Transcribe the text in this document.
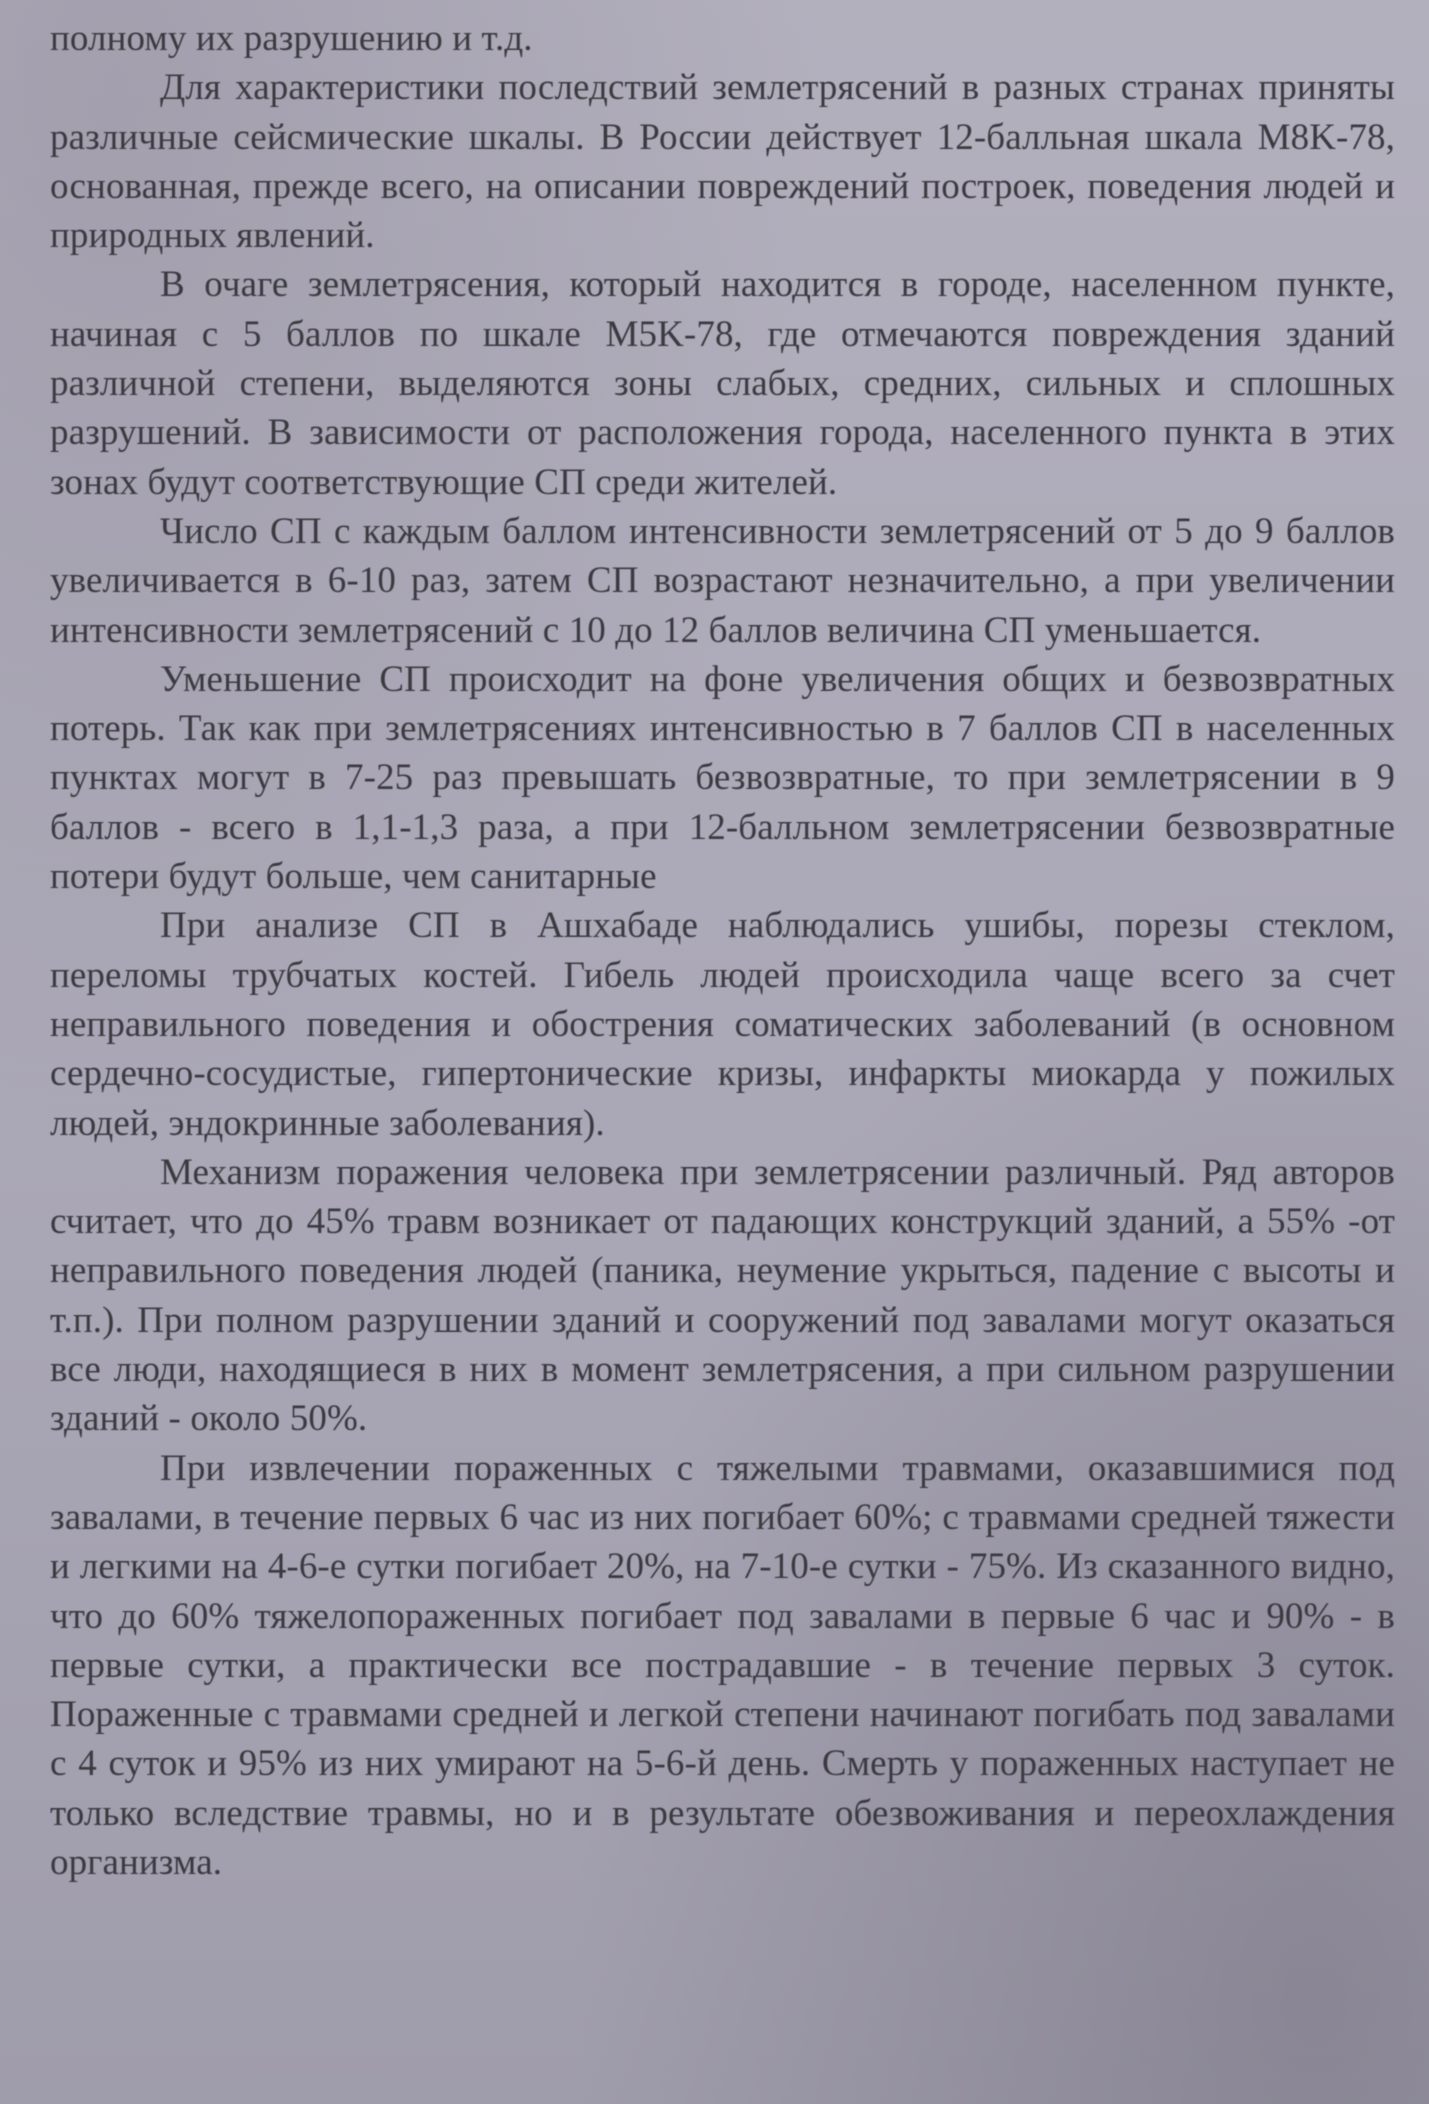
полному их разрушению и т.д.

Для характеристики последствий землетрясений в разных странах приняты различные сейсмические шкалы. В России действует 12-балльная шкала M8K-78, основанная, прежде всего, на описании повреждений построек, поведения людей и природных явлений.

В очаге землетрясения, который находится в городе, населенном пункте, начиная с 5 баллов по шкале M5K-78, где отмечаются повреждения зданий различной степени, выделяются зоны слабых, средних, сильных и сплошных разрушений. В зависимости от расположения города, населенного пункта в этих зонах будут соответствующие СП среди жителей.

Число СП с каждым баллом интенсивности землетрясений от 5 до 9 баллов увеличивается в 6-10 раз, затем СП возрастают незначительно, а при увеличении интенсивности землетрясений с 10 до 12 баллов величина СП уменьшается.

Уменьшение СП происходит на фоне увеличения общих и безвозвратных потерь. Так как при землетрясениях интенсивностью в 7 баллов СП в населенных пунктах могут в 7-25 раз превышать безвозвратные, то при землетрясении в 9 баллов - всего в 1,1-1,3 раза, а при 12-балльном землетрясении безвозвратные потери будут больше, чем санитарные

При анализе СП в Ашхабаде наблюдались ушибы, порезы стеклом, переломы трубчатых костей. Гибель людей происходила чаще всего за счет неправильного поведения и обострения соматических заболеваний (в основном сердечно-сосудистые, гипертонические кризы, инфаркты миокарда у пожилых людей, эндокринные заболевания).

Механизм поражения человека при землетрясении различный. Ряд авторов считает, что до 45% травм возникает от падающих конструкций зданий, а 55% -от неправильного поведения людей (паника, неумение укрыться, падение с высоты и т.п.). При полном разрушении зданий и сооружений под завалами могут оказаться все люди, находящиеся в них в момент землетрясения, а при сильном разрушении зданий - около 50%.

При извлечении пораженных с тяжелыми травмами, оказавшимися под завалами, в течение первых 6 час из них погибает 60%; с травмами средней тяжести и легкими на 4-6-е сутки погибает 20%, на 7-10-е сутки - 75%. Из сказанного видно, что до 60% тяжелопораженных погибает под завалами в первые 6 час и 90% - в первые сутки, а практически все пострадавшие - в течение первых 3 суток. Пораженные с травмами средней и легкой степени начинают погибать под завалами с 4 суток и 95% из них умирают на 5-6-й день. Смерть у пораженных наступает не только вследствие травмы, но и в результате обезвоживания и переохлаждения организма.
